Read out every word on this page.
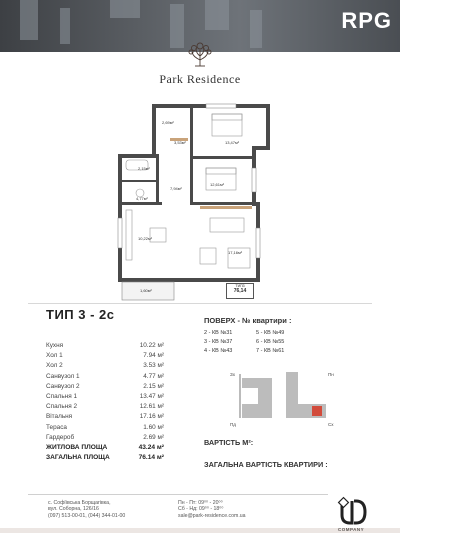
RPG REALTY
PROFESSIONAL
GROUP
Park Residence
13,47м²
2,69м²
3,53м²
2,15м²
7,94м²
12,61м²
4,77м²
10,22м²
17,16м²
1,60м²
ТИП3
76,14
ТИП 3 - 2с	ПОВЕРХ - № квартири :
2 - КВ №31
3 - КВ №37
4 - КВ №43
5 - КВ №49
6 - КВ №55
7 - КВ №61
Кухня	10.22 м²
Хол 1	7.94 м²
Хол 2	3.53 м²
Санвузол 1	4.77 м²
Санвузол 2	2.15 м²
Спальня 1	13.47 м²
Спальня 2	12.61 м²
Вітальня	17.16 м²
Тераса	1.60 м²
Гардероб	2.69 м²
ЖИТЛОВА ПЛОЩА	43.24 м²
ЗАГАЛЬНА ПЛОЩА	76.14 м²
Зх
Пд
Пн
Сх
ВАРТІСТЬ М²:
ЗАГАЛЬНА ВАРТІСТЬ КВАРТИРИ :
с. Софіївська Борщагівка,
вул. Соборна, 126/16
(097) 513-00-01, (044) 344-01-00
Пн - Пт: 09⁰⁰ - 20⁰⁰
Сб - Нд: 09⁰⁰ - 18⁰⁰
sale@park-residence.com.ua
UD
COMPANY
